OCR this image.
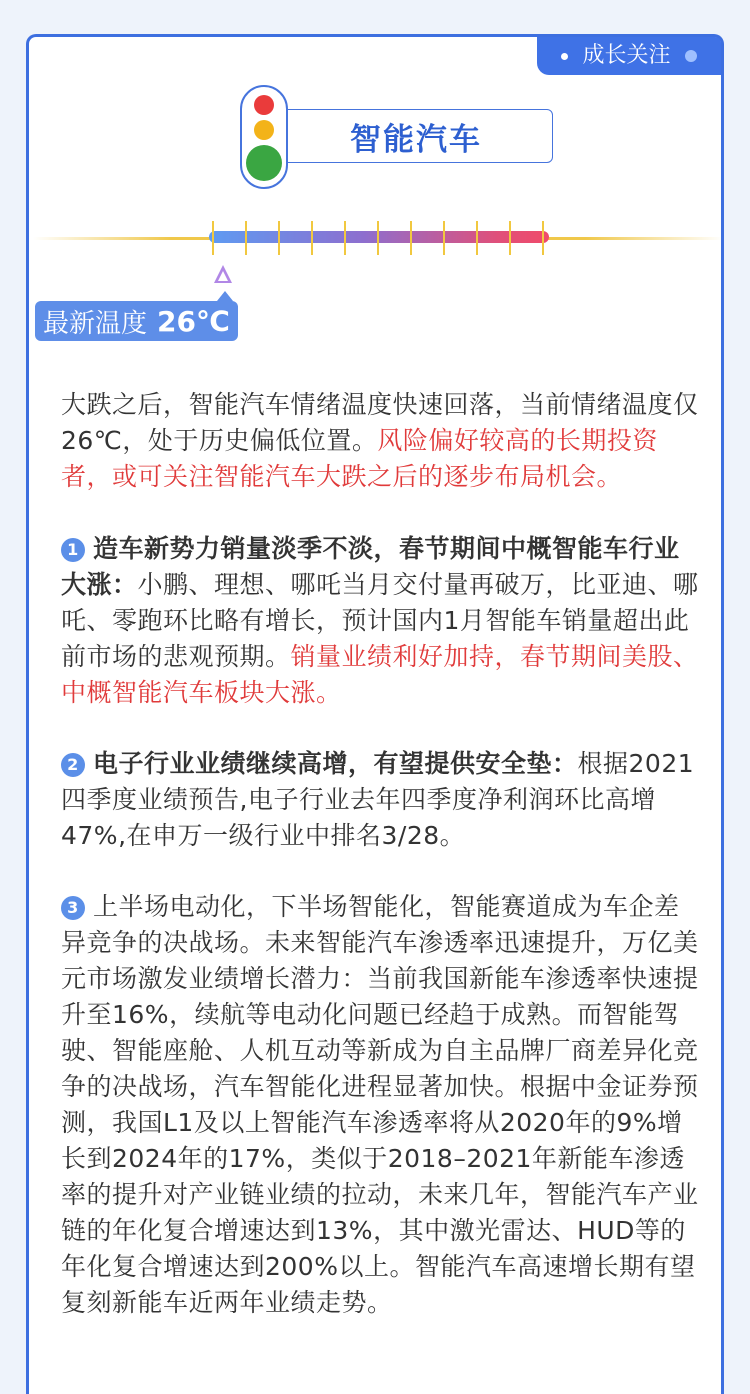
成长关注
智能汽车
最新温度 26℃
大跌之后，智能汽车情绪温度快速回落，当前情绪温度仅26℃，处于历史偏低位置。风险偏好较高的长期投资者，或可关注智能汽车大跌之后的逐步布局机会。
1 造车新势力销量淡季不淡，春节期间中概智能车行业大涨：小鹏、理想、哪吒当月交付量再破万，比亚迪、哪吒、零跑环比略有增长，预计国内1月智能车销量超出此前市场的悲观预期。销量业绩利好加持，春节期间美股、中概智能汽车板块大涨。
2 电子行业业绩继续高增，有望提供安全垫：根据2021四季度业绩预告,电子行业去年四季度净利润环比高增47%,在申万一级行业中排名3/28。
3 上半场电动化，下半场智能化，智能赛道成为车企差异竞争的决战场。未来智能汽车渗透率迅速提升，万亿美元市场激发业绩增长潜力：当前我国新能车渗透率快速提升至16%，续航等电动化问题已经趋于成熟。而智能驾驶、智能座舱、人机互动等新成为自主品牌厂商差异化竞争的决战场，汽车智能化进程显著加快。根据中金证券预测，我国L1及以上智能汽车渗透率将从2020年的9%增长到2024年的17%，类似于2018–2021年新能车渗透率的提升对产业链业绩的拉动，未来几年，智能汽车产业链的年化复合增速达到13%，其中激光雷达、HUD等的年化复合增速达到200%以上。智能汽车高速增长期有望复刻新能车近两年业绩走势。
